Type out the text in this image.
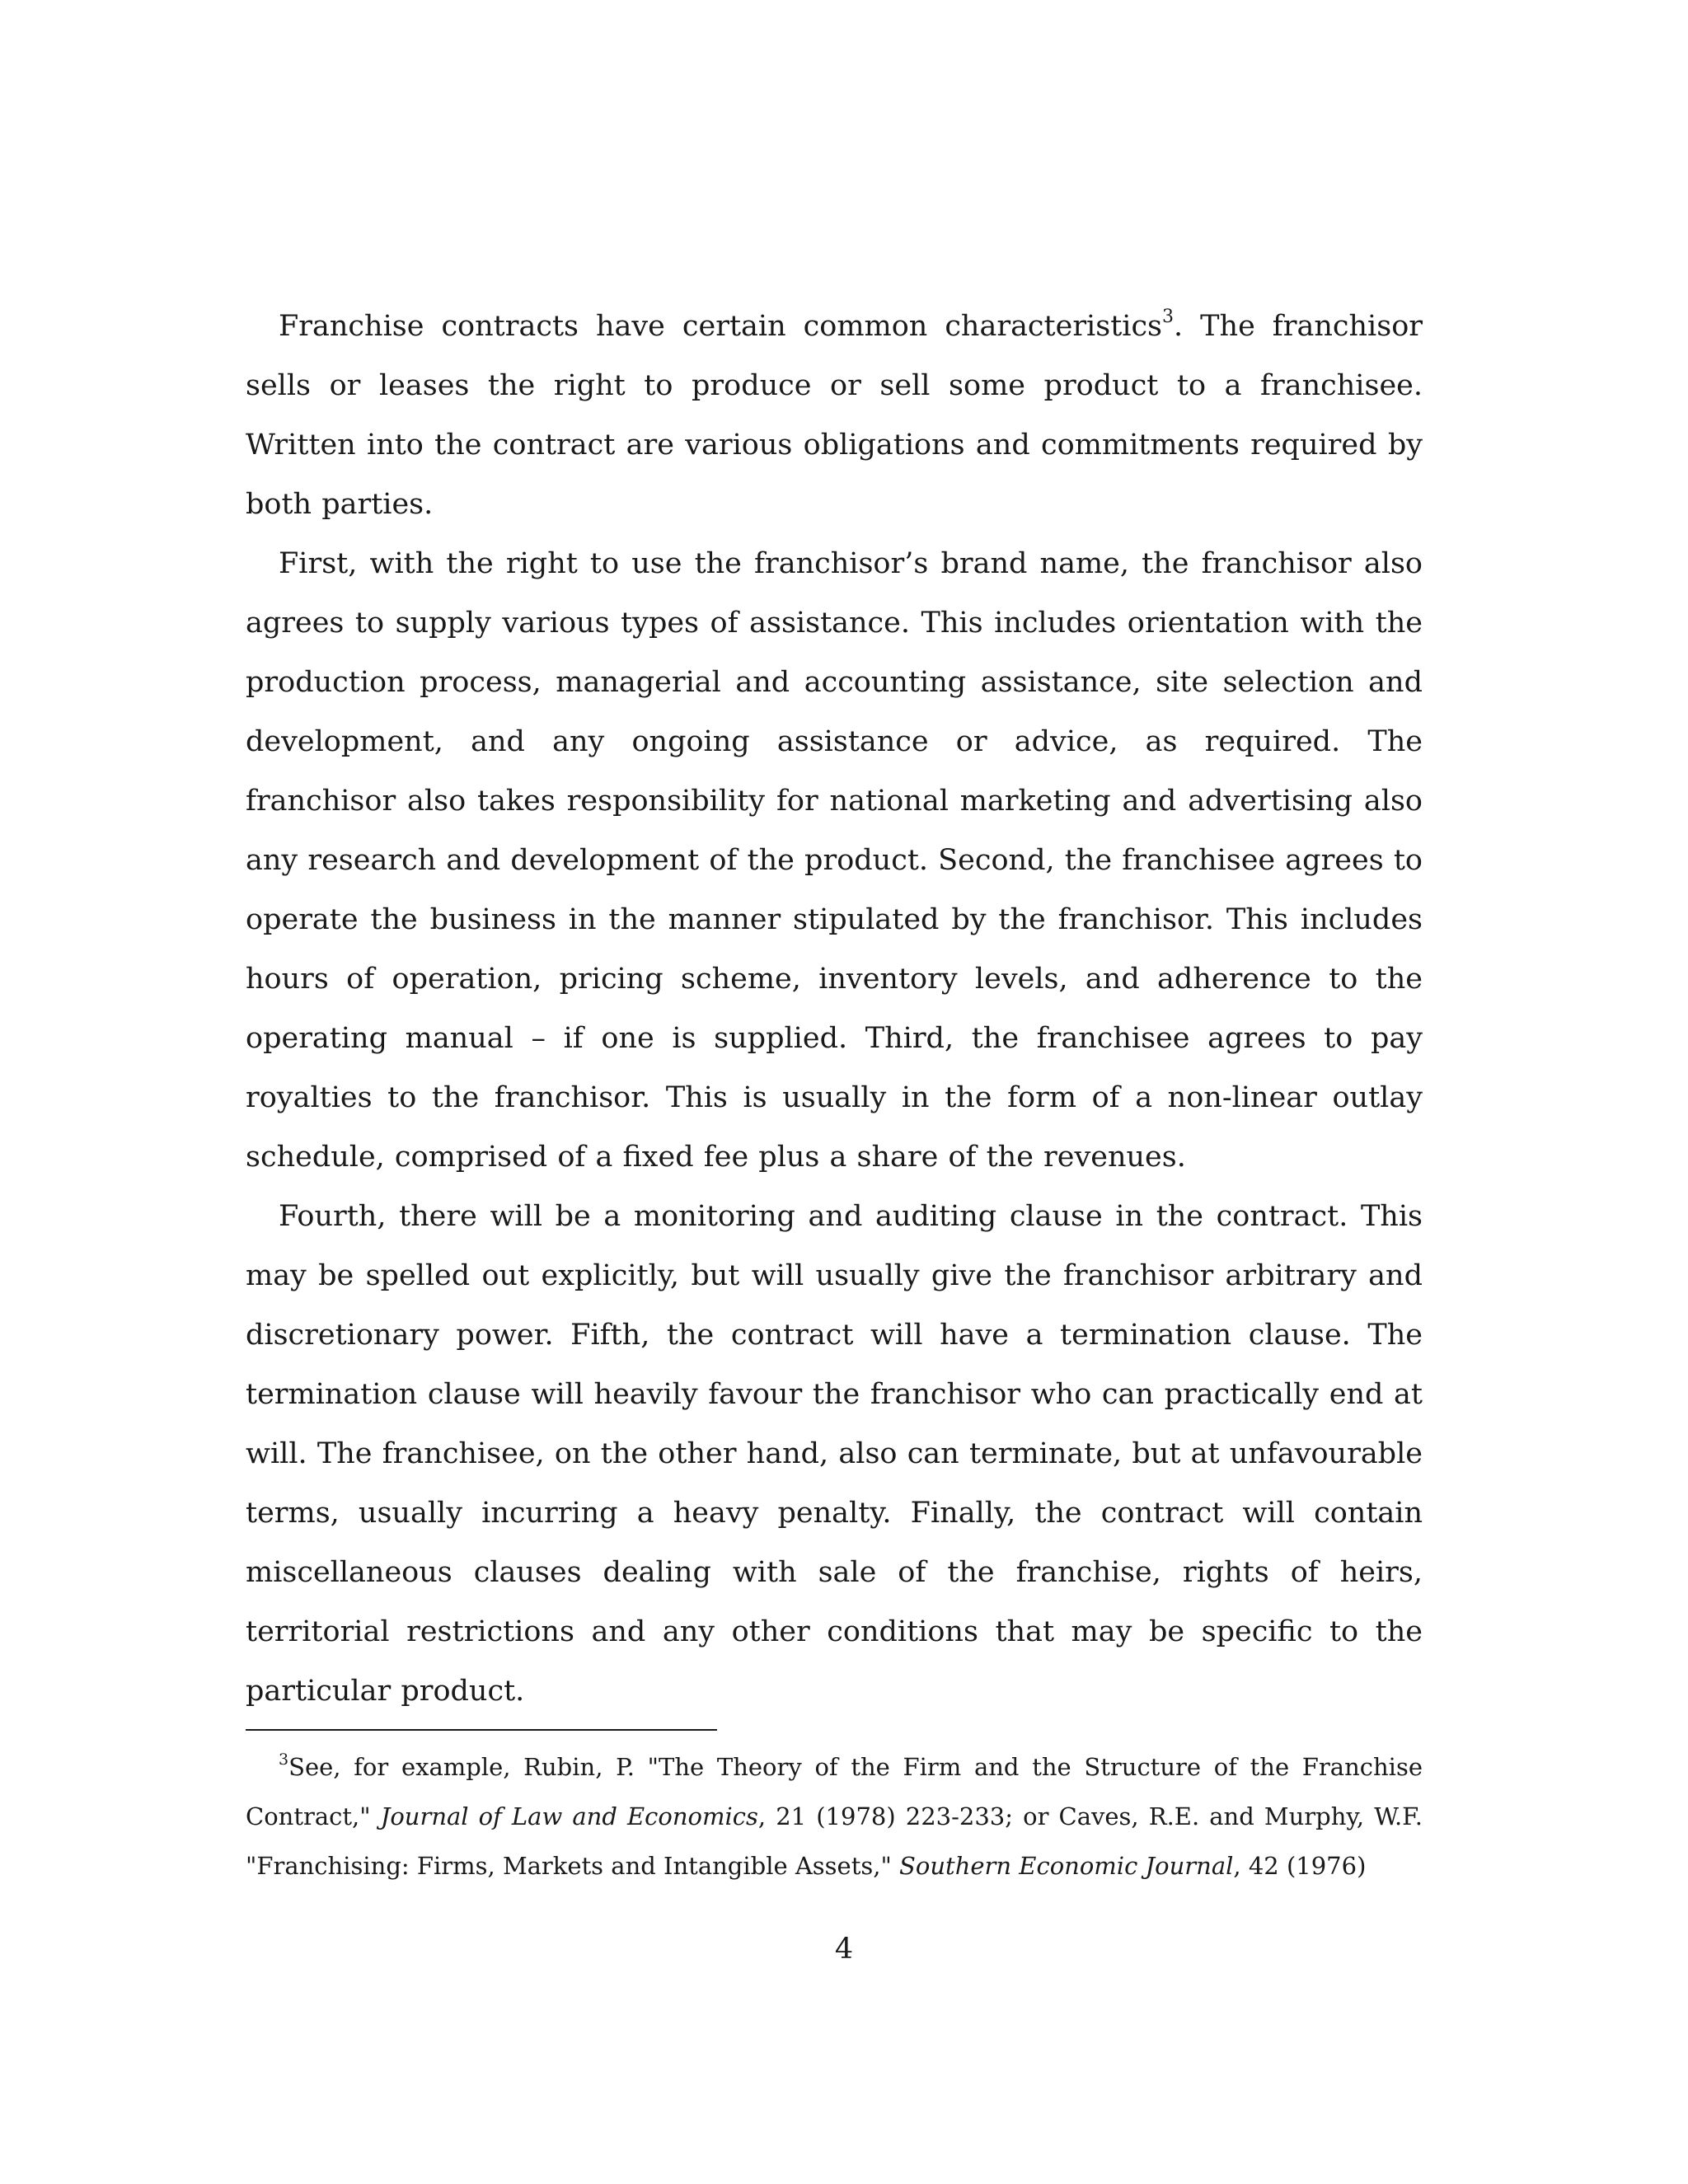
Franchise contracts have certain common characteristics$^3$. The franchisor sells or leases the right to produce or sell some product to a franchisee. Written into the contract are various obligations and commitments required by both parties.

First, with the right to use the franchisor’s brand name, the franchisor also agrees to supply various types of assistance. This includes orientation with the production process, managerial and accounting assistance, site selection and development, and any ongoing assistance or advice, as required. The franchisor also takes responsibility for national marketing and advertising also any research and development of the product. Second, the franchisee agrees to operate the business in the manner stipulated by the franchisor. This includes hours of operation, pricing scheme, inventory levels, and adherence to the operating manual – if one is supplied. Third, the franchisee agrees to pay royalties to the franchisor. This is usually in the form of a non-linear outlay schedule, comprised of a fixed fee plus a share of the revenues.

Fourth, there will be a monitoring and auditing clause in the contract. This may be spelled out explicitly, but will usually give the franchisor arbitrary and discretionary power. Fifth, the contract will have a termination clause. The termination clause will heavily favour the franchisor who can practically end at will. The franchisee, on the other hand, also can terminate, but at unfavourable terms, usually incurring a heavy penalty. Finally, the contract will contain miscellaneous clauses dealing with sale of the franchise, rights of heirs, territorial restrictions and any other conditions that may be specific to the particular product.

$^3$See, for example, Rubin, P. "The Theory of the Firm and the Structure of the Franchise Contract," Journal of Law and Economics, 21 (1978) 223-233; or Caves, R.E. and Murphy, W.F. "Franchising: Firms, Markets and Intangible Assets," Southern Economic Journal, 42 (1976)

4
